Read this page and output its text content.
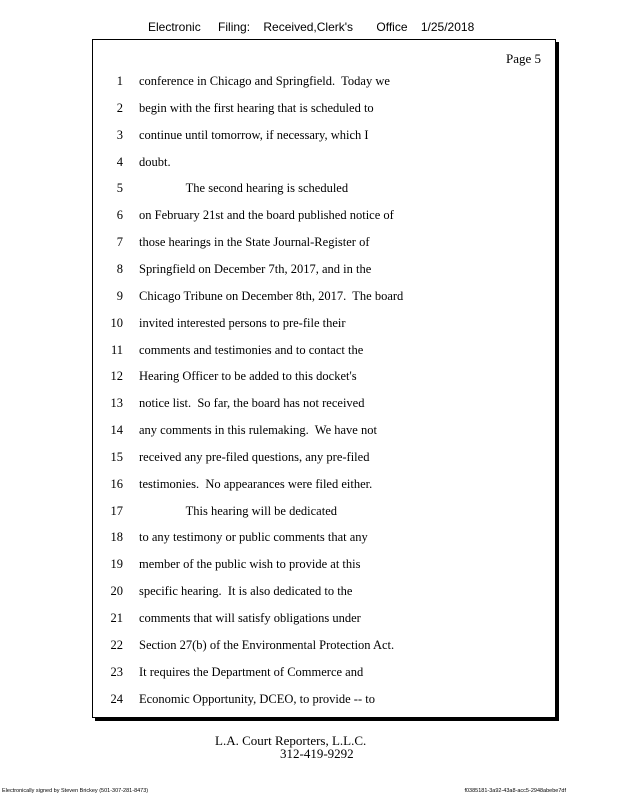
Electronic Filing: Received,Clerk's Office 1/25/2018
Page 5
1 conference in Chicago and Springfield.  Today we
2 begin with the first hearing that is scheduled to
3 continue until tomorrow, if necessary, which I
4 doubt.
5 The second hearing is scheduled
6 on February 21st and the board published notice of
7 those hearings in the State Journal-Register of
8 Springfield on December 7th, 2017, and in the
9 Chicago Tribune on December 8th, 2017.  The board
10 invited interested persons to pre-file their
11 comments and testimonies and to contact the
12 Hearing Officer to be added to this docket's
13 notice list.  So far, the board has not received
14 any comments in this rulemaking.  We have not
15 received any pre-filed questions, any pre-filed
16 testimonies.  No appearances were filed either.
17 This hearing will be dedicated
18 to any testimony or public comments that any
19 member of the public wish to provide at this
20 specific hearing.  It is also dedicated to the
21 comments that will satisfy obligations under
22 Section 27(b) of the Environmental Protection Act.
23 It requires the Department of Commerce and
24 Economic Opportunity, DCEO, to provide -- to
L.A. Court Reporters, L.L.C.
312-419-9292
Electronically signed by Steven Brickey (501-307-281-8473)	f0385181-3a92-43a8-acc5-2948abebe7df
